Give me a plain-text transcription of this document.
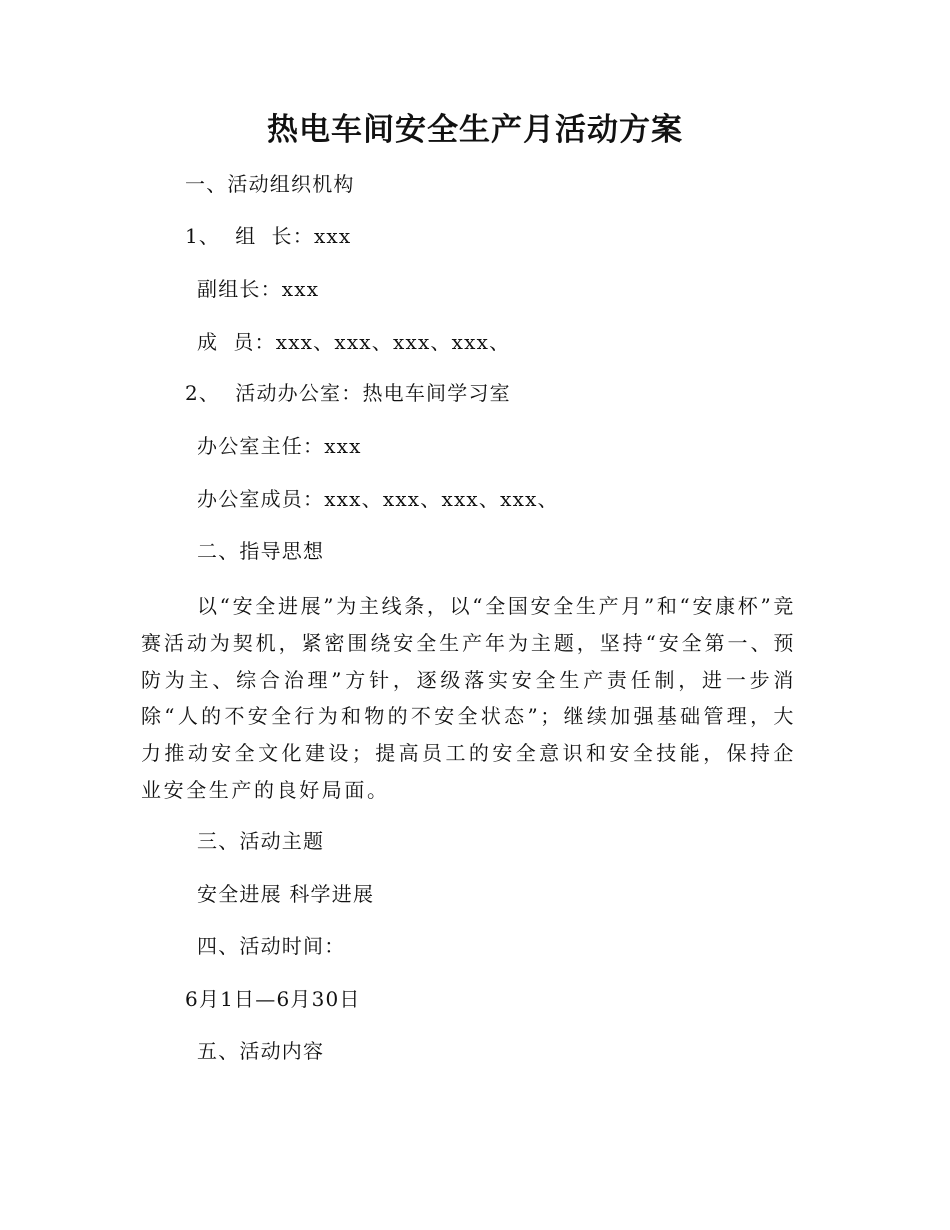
热电车间安全生产月活动方案
一、活动组织机构
1、  组  长：xxx
副组长：xxx
成  员：xxx、xxx、xxx、xxx、
2、  活动办公室：热电车间学习室
办公室主任：xxx
办公室成员：xxx、xxx、xxx、xxx、
二、指导思想
以“安全进展”为主线条，以“全国安全生产月”和“安康杯”竞赛活动为契机，紧密围绕安全生产年为主题，坚持“安全第一、预防为主、综合治理”方针，逐级落实安全生产责任制，进一步消除“人的不安全行为和物的不安全状态”；继续加强基础管理，大力推动安全文化建设；提高员工的安全意识和安全技能，保持企业安全生产的良好局面。
三、活动主题
安全进展 科学进展
四、活动时间：
6月1日—6月30日
五、活动内容
